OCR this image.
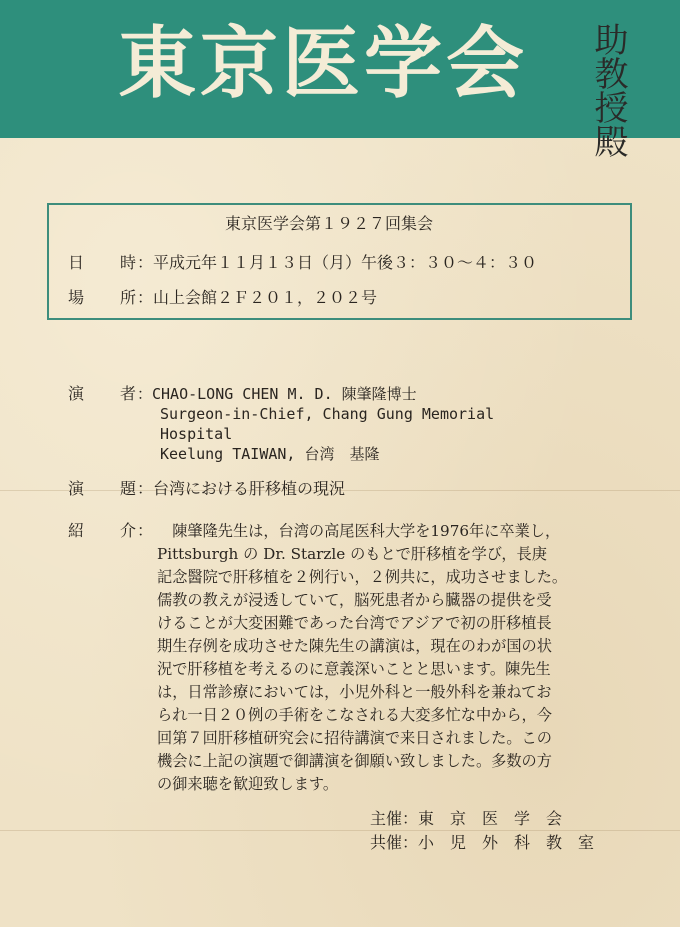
東京医学会 助教授殿
東京医学会第１９２７回集会
日 時 ：平成元年１１月１３日（月）午後３：３０〜４：３０
場 所 ：山上会館２Ｆ２０１，２０２号
演 者 ：CHAO-LONG CHEN M. D. 陳肇隆博士
Surgeon-in-Chief, Chang Gung Memorial
Hospital
Keelung TAIWAN, 台湾　基隆
演 題 ：台湾における肝移植の現況
紹 介 ： 　陳肇隆先生は，台湾の高尾医科大学を1976年に卒業し，
Pittsburgh の Dr. Starzle のもとで肝移植を学び，長庚
記念醫院で肝移植を２例行い，２例共に，成功させました。
儒教の教えが浸透していて，脳死患者から臓器の提供を受
けることが大変困難であった台湾でアジアで初の肝移植長
期生存例を成功させた陳先生の講演は，現在のわが国の状
況で肝移植を考えるのに意義深いことと思います。陳先生
は，日常診療においては，小児外科と一般外科を兼ねてお
られ一日２０例の手術をこなされる大変多忙な中から，今
回第７回肝移植研究会に招待講演で来日されました。この
機会に上記の演題で御講演を御願い致しました。多数の方
の御来聴を歓迎致します。
主催：東　京　医　学　会
共催：小　児　外　科　教　室
